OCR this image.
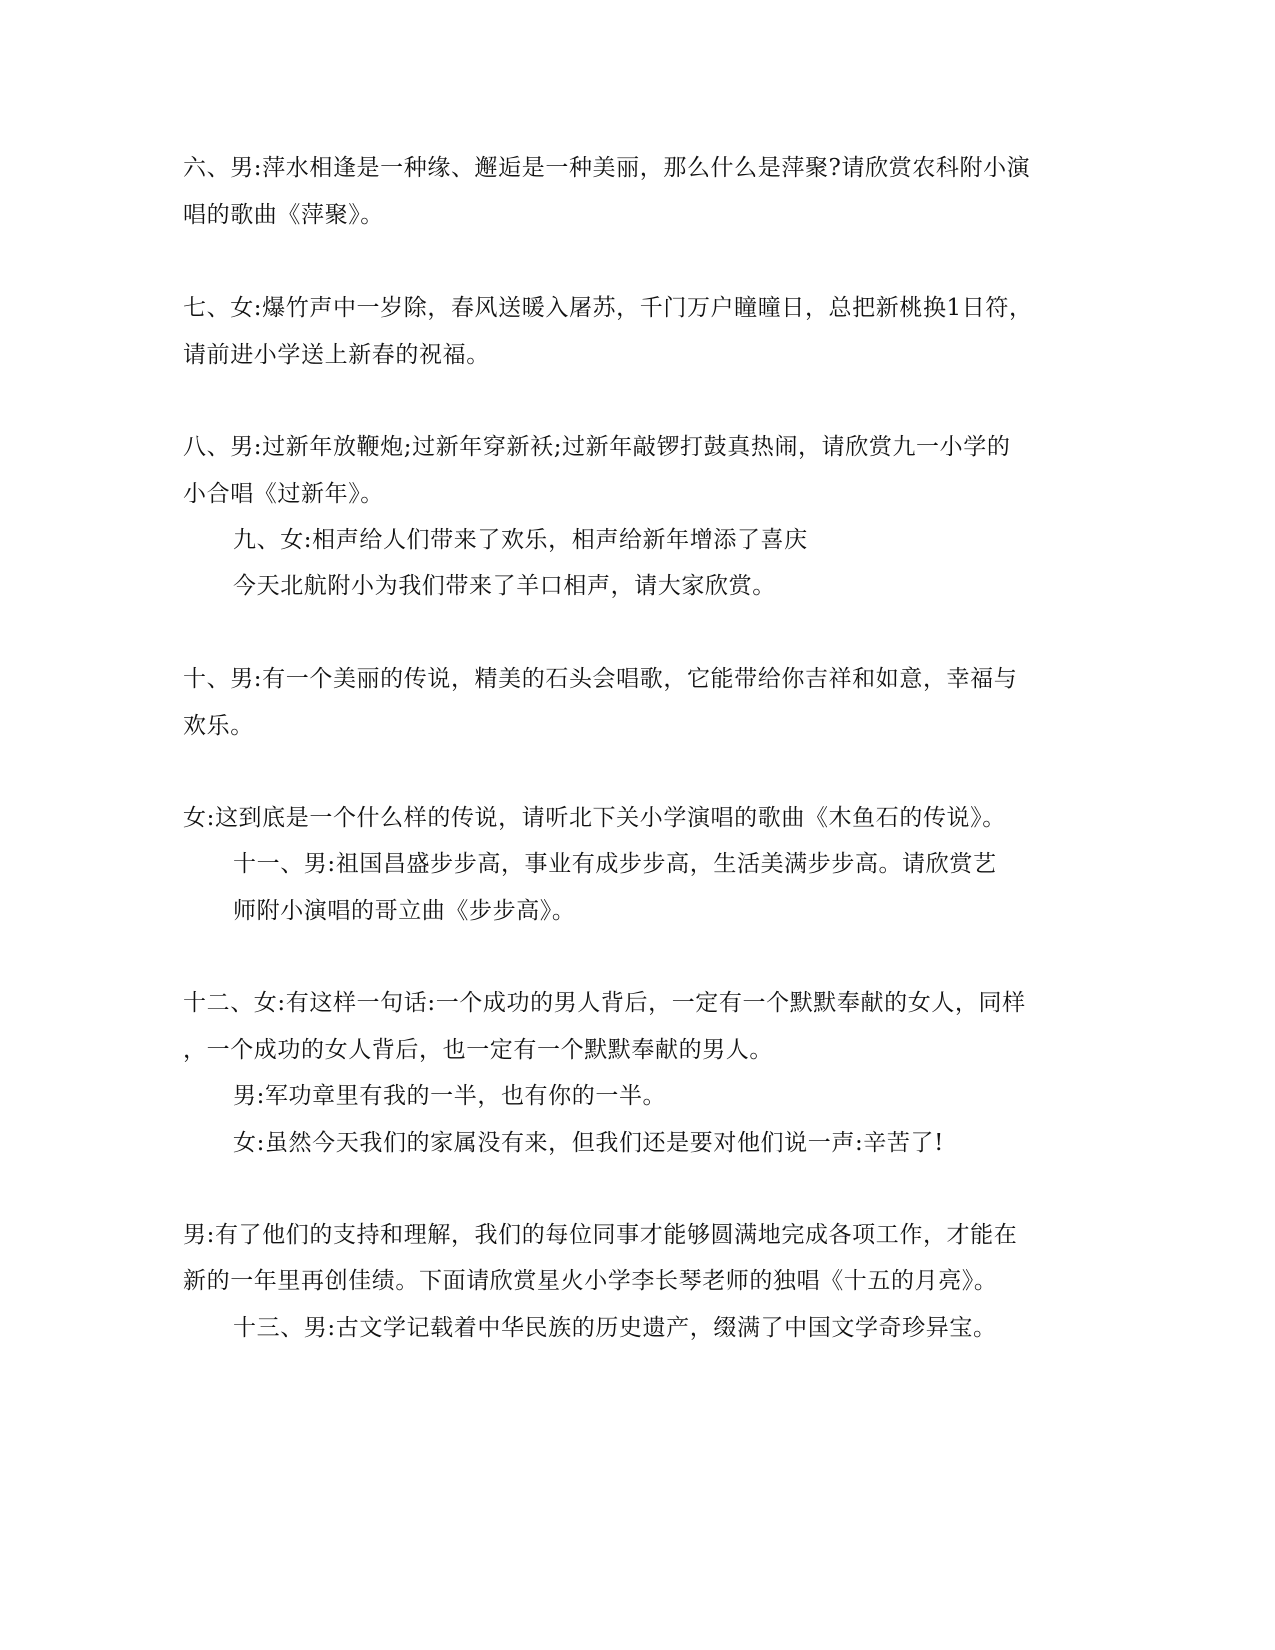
六、男:萍水相逢是一种缘、邂逅是一种美丽，那么什么是萍聚?请欣赏农科附小演
唱的歌曲《萍聚》。
七、女:爆竹声中一岁除，春风送暖入屠苏，千门万户瞳曈日，总把新桃换1日符，
请前进小学送上新春的祝福。
八、男:过新年放鞭炮;过新年穿新袄;过新年敲锣打鼓真热闹，请欣赏九一小学的
小合唱《过新年》。
九、女:相声给人们带来了欢乐，相声给新年增添了喜庆
今天北航附小为我们带来了羊口相声，请大家欣赏。
十、男:有一个美丽的传说，精美的石头会唱歌，它能带给你吉祥和如意，幸福与
欢乐。
女:这到底是一个什么样的传说，请听北下关小学演唱的歌曲《木鱼石的传说》。
十一、男:祖国昌盛步步高，事业有成步步高，生活美满步步高。请欣赏艺
师附小演唱的哥立曲《步步高》。
十二、女:有这样一句话:一个成功的男人背后，一定有一个默默奉献的女人，同样
，一个成功的女人背后，也一定有一个默默奉献的男人。
男:军功章里有我的一半，也有你的一半。
女:虽然今天我们的家属没有来，但我们还是要对他们说一声:辛苦了!
男:有了他们的支持和理解，我们的每位同事才能够圆满地完成各项工作，才能在
新的一年里再创佳绩。下面请欣赏星火小学李长琴老师的独唱《十五的月亮》。
十三、男:古文学记载着中华民族的历史遗产，缀满了中国文学奇珍异宝。
